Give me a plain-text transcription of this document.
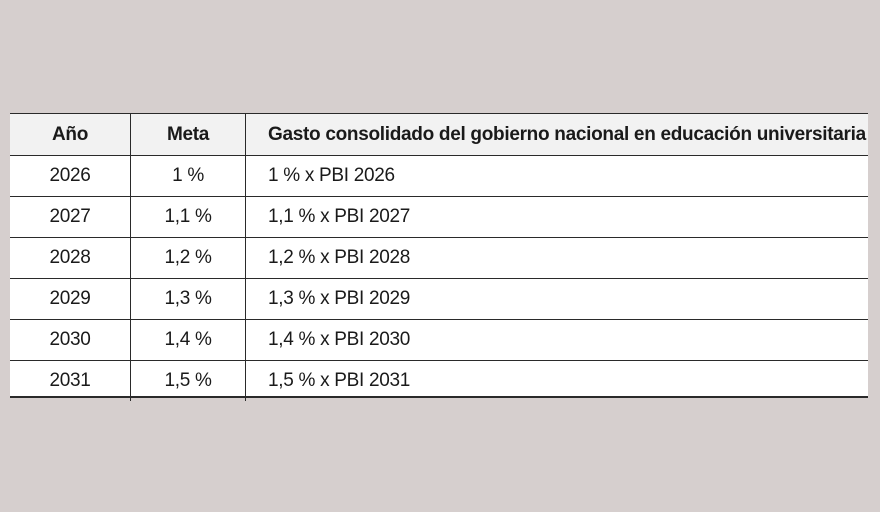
Año	Meta	Gasto consolidado del gobierno nacional en educación universitaria
2026	1 %	1 % x PBI 2026
2027	1,1 %	1,1 % x PBI 2027
2028	1,2 %	1,2 % x PBI 2028
2029	1,3 %	1,3 % x PBI 2029
2030	1,4 %	1,4 % x PBI 2030
2031	1,5 %	1,5 % x PBI 2031
